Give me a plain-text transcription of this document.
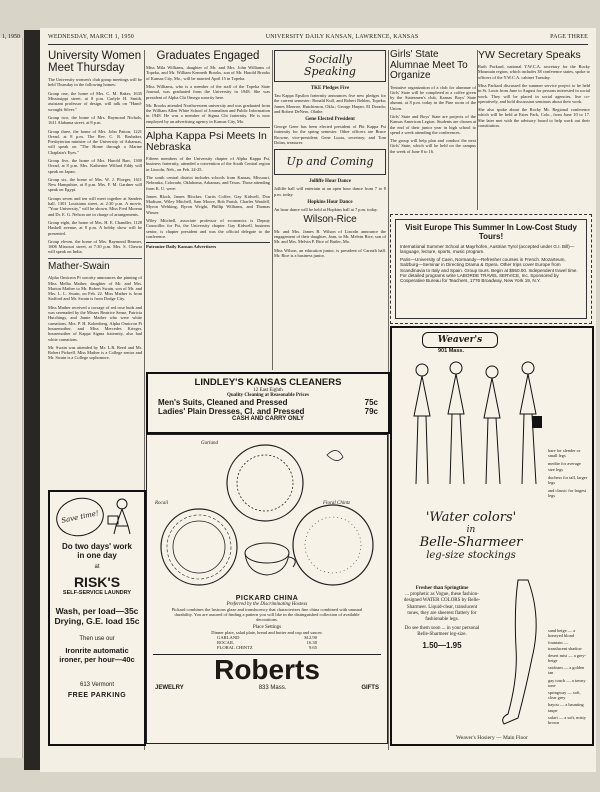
1, 1950	WEDNESDAY, MARCH 1, 1950	UNIVERSITY DAILY KANSAN, LAWRENCE, KANSAS	PAGE THREE
University Women Meet Thursday

The University women's club group meetings will be held Thursday in the following homes:

Group one, the home of Mrs. C. M. Baker, 1635 Mississippi street, at 8 p.m. Carlyle H. Smith, assistant professor of design, will talk on "Hand-wrought Silver."

Group two, the home of Mrs. Raymond Nichols, 1611 Alabama street, at 8 p.m.

Group three, the home of Mrs. John Patton, 1221 Oread, at 8 p.m. The Rev. C. R. Brubaker, Presbyterian minister of the University of Arkansas, will speak on "The Home through a Marine Chaplain's Eyes."

Group five, the home of Mrs. Harold Barr, 1300 Oread, at 8 p.m. Mrs. Katherine Willard Eddy will speak on Japan.

Group six, the home of Mrs. W. J. Ploeger, 1611 New Hampshire, at 8 p.m. Mrs. F. M. Gardner will speak on Egypt.

Groups seven and ten will meet together at Sanders hall, 1301 Louisiana street, at 2:30 p.m. A movie, "Your University," will be shown. Miss Fred Moreau and Dr. E. G. Nelson are in charge of arrangements.

Group eight, the home of Mrs. H. E. Chandler, 1128 Haskell avenue, at 8 p.m. A hobby show will be presented.

Group eleven, the home of Mrs. Raymond Beamer, 1606 Missouri street, at 7:30 p.m. Mrs. S. Chewia will speak on India.

Mather-Swain

Alpha Omicron Pi sorority announces the pinning of Miss Melba Mather, daughter of Mr. and Mrs. Marion Mather to Mr. Robert Swain, son of Mr. and Mrs. L. L. Swain, on Feb. 22. Miss Mather is from Stafford and Mr. Swain is from Dodge City.

Miss Mather received a corsage of red rose buds and was serenaded by the Misses Beatrice Sense, Patricia Hutchings, and Jamie Mather who were white carnations. Mrs. P. H. Kokenberg, Alpha Omicron Pi housemother, and Miss Mercedes Krieger, housemother of Kappa Sigma fraternity, also had white carnations.

Mr. Swain was attended by Mr. L.R. Reed and Mr. Robert Pickrell. Miss Mather is a College senior and Mr. Swain is a College sophomore.

Save time!
Do two days' work
in one day
at
RISK'S
SELF-SERVICE LAUNDRY
Wash, per load—35c
Drying, G.E. load 15c
Then use our
Ironrite automatic
ironer, per hour—40c
613 Vermont
FREE PARKING
Graduates Engaged

Miss Mila Williams, daughter of Mr. and Mrs. John Williams of Topeka, and Mr. William Kenneth Brooks, son of Mr. Harold Brooks of Kansas City, Mo., will be married April 15 in Topeka.

Miss Williams, who is a member of the staff of the Topeka State Journal, was graduated from the University in 1948. She was president of Alpha Chi Omega sorority here.

Mr. Brooks attended Northwestern university and was graduated from the William Allen White School of Journalism and Public Information in 1948. He was a member of Sigma Chi fraternity. He is now employed by an advertising agency in Kansas City, Mo.

Alpha Kappa Psi Meets In Nebraska

Fifteen members of the University chapter of Alpha Kappa Psi, business fraternity, attended a convention of the South Central region in Lincoln, Neb., on Feb. 24-25.

The south central district includes schools from Kansas, Missouri, Nebraska, Colorado, Oklahoma, Arkansas, and Texas. Those attending from K. U. were:

James Bloch, James Blocker, Curtis Coffee, Gay Kidwell, Don Madison, Wiley Mitchell, Sam Moore, Bob Parish, Charles Wasdell, Myron Wehking, Byron Wright, Phillip Williams, and Thomas Winser.

Wiley Mitchell, associate professor of economics is Deputy Councillor for Psi, the University chapter. Gay Kidwell, business senior, is chapter president and was the official delegate to the conference.

Patronize Daily Kansan Advertisers
Socially
Speaking
TKE Pledges Five

Tau Kappa Epsilon fraternity announces five new pledges for the current semester: Ronald Kull, and Robert Behlen, Topeka; James Monroe, Hutchinson, Okla.; George Harper, El Dorado; and Robert DeNero, Olathe.

Gene Elected President

George Gene has been elected president of Phi Kappa Psi fraternity for the spring semester. Other officers are Bruce Browne, vice-president; Gene Lucas, secretary; and Tom Dolan, treasurer.

Up and Coming
Jolliffe Hour Dance

Jolliffe hall will entertain at an open hour dance from 7 to 8 p.m. today.

Hopkins Hour Dance

An hour dance will be held at Hopkins hall at 7 p.m. today.

Wilson-Rice

Mr. and Mrs. James B. Wilson of Lincoln announce the engagement of their daughter, Joan, to Mr. Melvin Rice, son of Mr. and Mrs. Melvin P. Rice of Butler, Mo.

Miss Wilson, an education junior, is president of Carruth hall. Mr. Rice is a business junior.

Girls' State Alumnae Meet To Organize

Tentative organization of a club for alumnae of Girls' State will be completed at a coffee given by the Statesmen's club, Kansas Boys' State alumni, at 8 p.m. today in the Pine room of the Union.

Girls' State and Boys' State are projects of the Kansas American Legion. Students are chosen at the end of their junior year in high school to spend a week attending the conferences.

The group will help plan and conduct the next Girls' State, which will be held on the campus the week of June 8 to 16.

YW Secretary Speaks

Ruth Packard, national Y.W.C.A. secretary for the Rocky Mountain region, which includes 38 conference states, spoke to officers of the Y.W.C.A. cabinet Tuesday.

Miss Packard discussed the summer service project to be held in St. Louis from June to August for persons interested in social work. They will be placed in social agencies, live co-operatively, and hold discussion seminars about their work.

She also spoke about the Rocky Mt. Regional conference which will be held at Estes Park, Colo., from June 10 to 17. She later met with the advisory board to help work out their constitution.

Visit Europe This Summer In Low-Cost Study Tours!

International Summer School at Mayrhofen, Austrian Tyrol (accepted under G.I. Bill)—language, lecture, sports, music program.

Paris—University of Caen, Normandy—Refresher courses in French. Mozarteum, Salzburg—Seminar in Directing Drama & Opera. Other trips cover Europe from Scandinavia to Italy and Spain. Group tours. Begin at $550.00. Independent travel time. For detailed programs write LABORDE TRAVEL SERVICE, Inc. Sponsored by Cooperative Bureau for Teachers, 1776 Broadway, New York 19, N.Y.

LINDLEY'S KANSAS CLEANERS
12 East Eighth
Quality Cleaning at Reasonable Prices
Men's Suits, Cleaned and Pressed	75c
Ladies' Plain Dresses, Cl. and Pressed	79c
CASH AND CARRY ONLY
Garland
Rocail	Floral Chintz
PICKARD CHINA
Preferred by the Discriminating Hostess
Pickard combines the lustrous glaze and translucency that characterizes fine china combined with unusual durability. You are assured of finding a pattern you will like in the distinguished collection of available decorations.
Place Settings
Dinner plate, salad plate, bread and butter and cup and saucer.
GARLAND	$12.90
ROCAIL	16.30
FLORAL CHINTZ	9.65
Roberts
JEWELRY	833 Mass.	GIFTS
Weaver's
901 Mass.
bare for slender or small legs
medite for average size legs
duchess for tall, larger legs
and classic for largest legs
'Water colors'
in
Belle-Sharmeer
leg-size stockings
Fresher than Springtime
... prophetic as Vogue, these fashion-designed WATER COLORS by Belle-Sharmeer. Liquid-clear, translucent tones, they are sheerest flattery for fashionable legs.
Do see them soon ... in your personal Belle-Sharmeer leg-size.
1.50—1.95
sand beige — a honeyed blond
fountain — translucent shadow
desert mist — a grey-beige
seafoam — a golden tan
gay touch — a tawny tone
springway — soft, clear grey
bayou — a haunting taupe
safari — a soft, misty brown
Weaver's Hosiery — Main Floor
